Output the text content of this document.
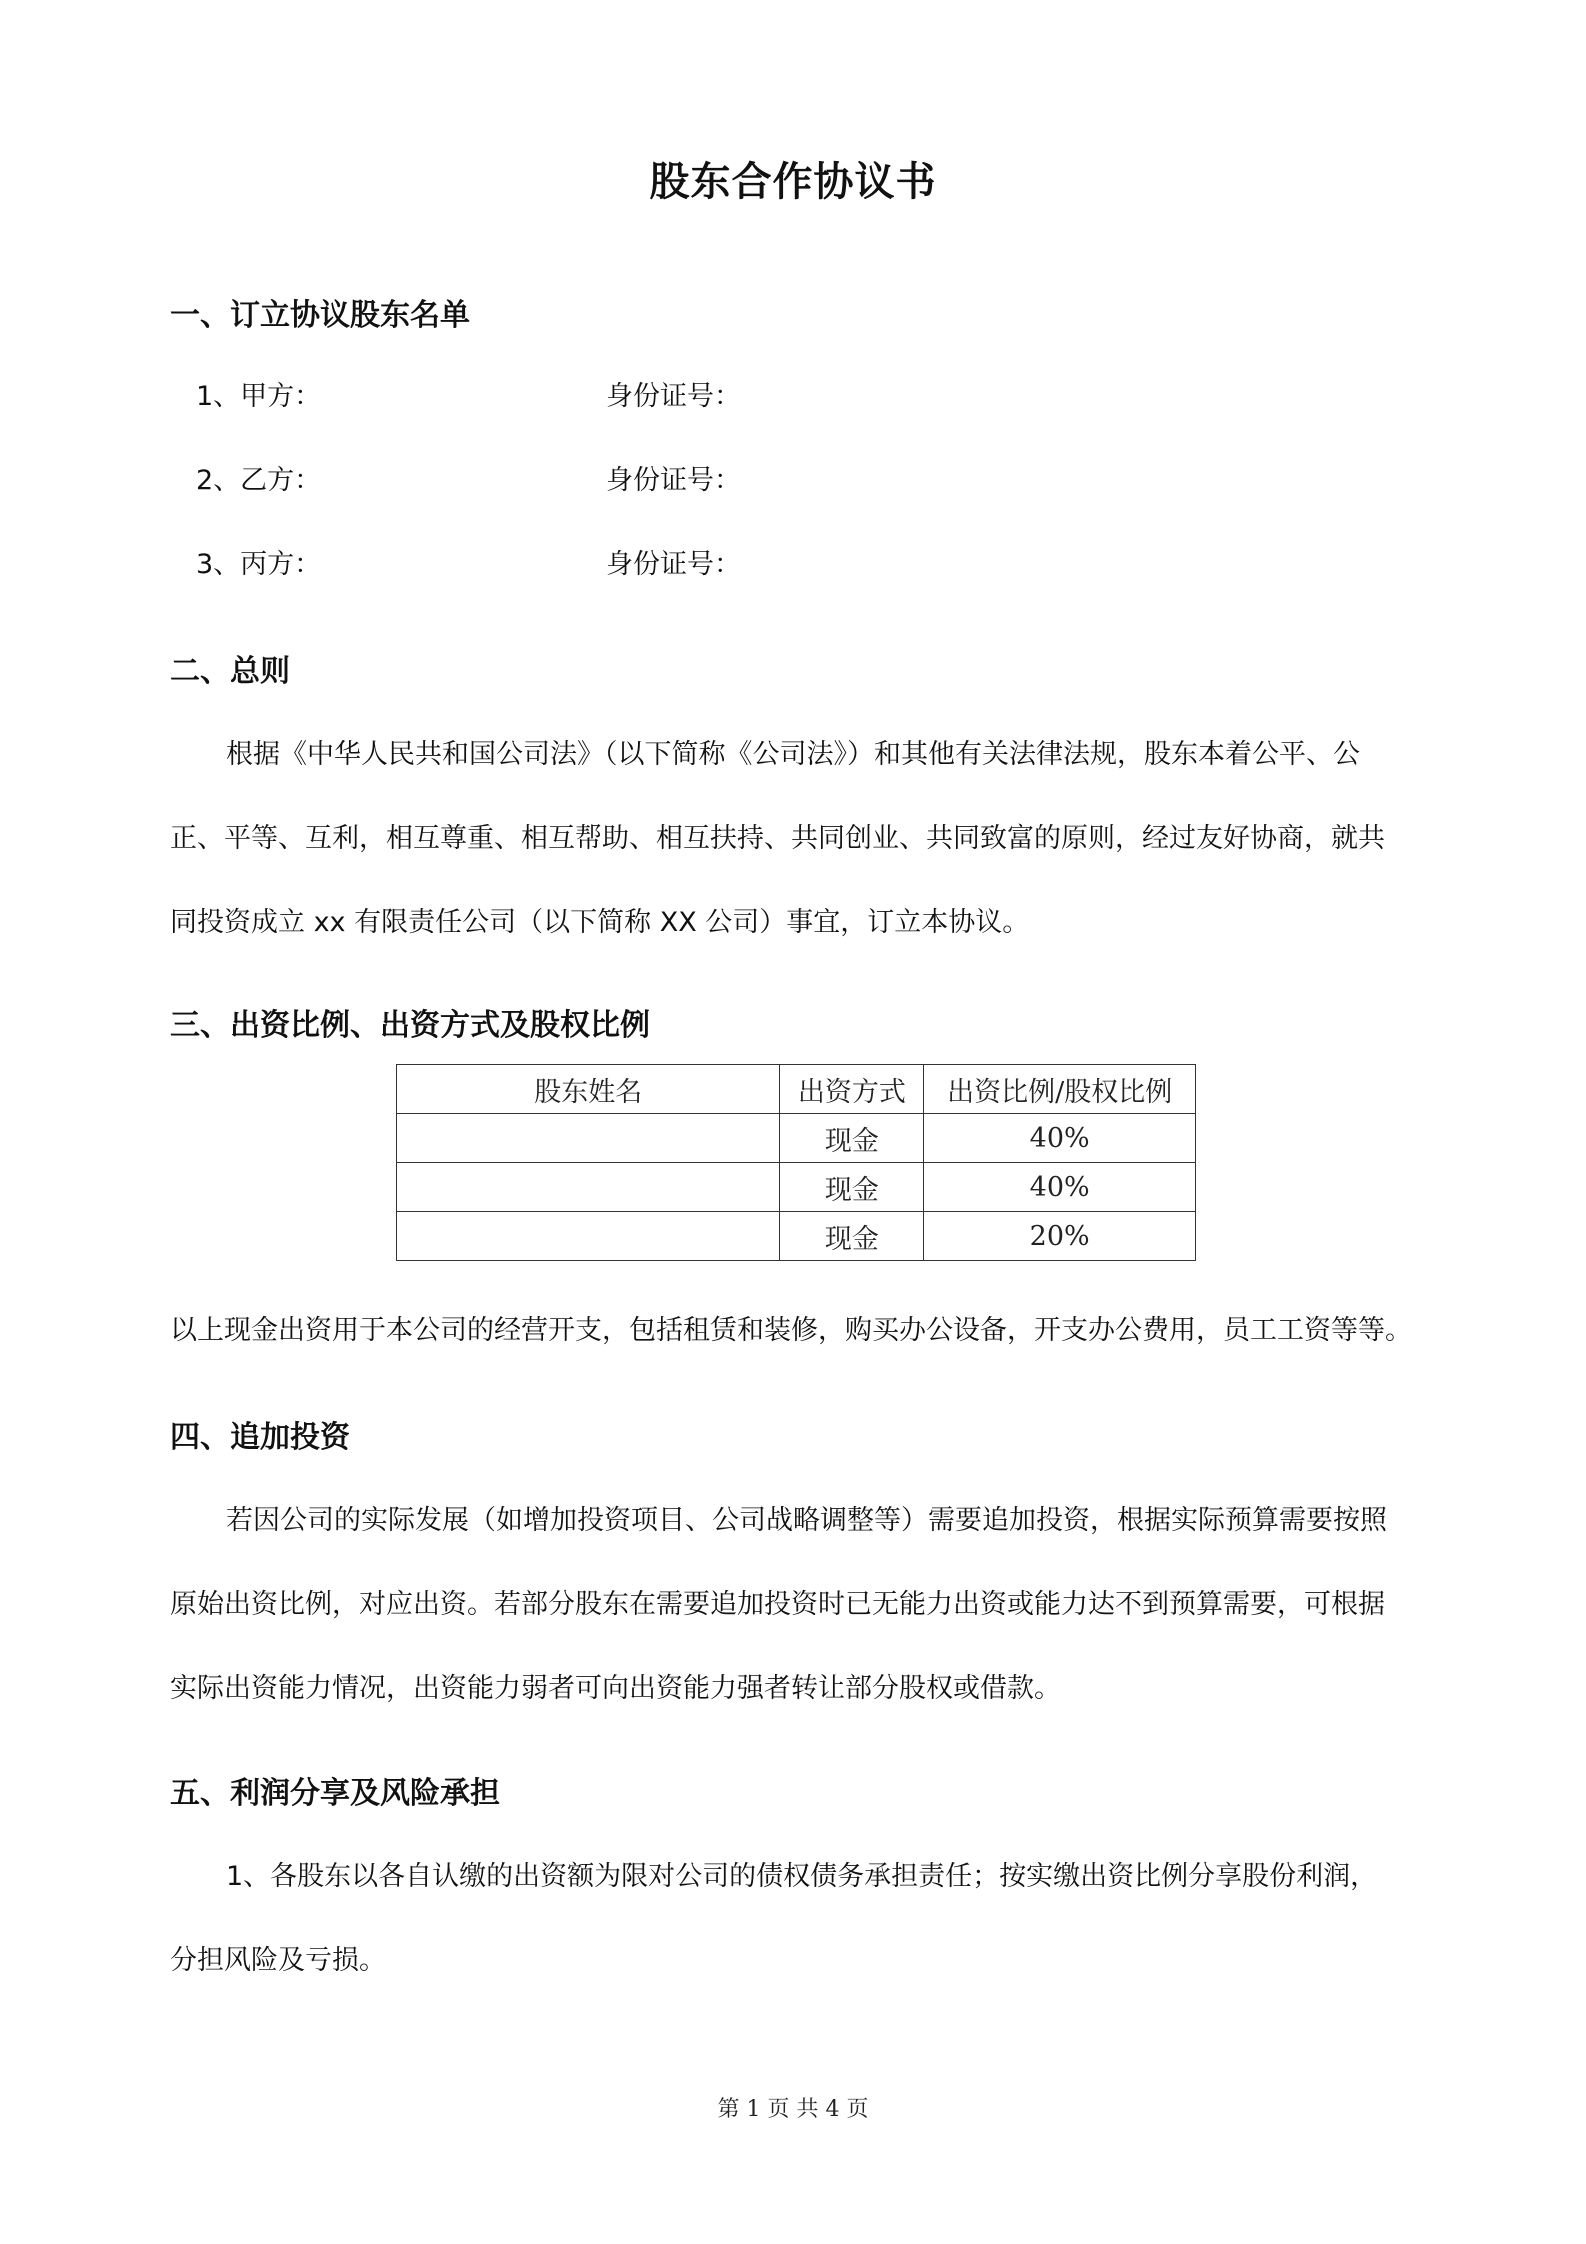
股东合作协议书
一、订立协议股东名单
1、甲方：	身份证号：
2、乙方：	身份证号：
3、丙方：	身份证号：
二、总则
根据《中华人民共和国公司法》（以下简称《公司法》）和其他有关法律法规，股东本着公平、公
正、平等、互利，相互尊重、相互帮助、相互扶持、共同创业、共同致富的原则，经过友好协商，就共
同投资成立 xx 有限责任公司（以下简称 XX 公司）事宜，订立本协议。
三、出资比例、出资方式及股权比例
股东姓名	出资方式	出资比例/股权比例
	现金	40%
	现金	40%
	现金	20%
以上现金出资用于本公司的经营开支，包括租赁和装修，购买办公设备，开支办公费用，员工工资等等。
四、追加投资
若因公司的实际发展（如增加投资项目、公司战略调整等）需要追加投资，根据实际预算需要按照
原始出资比例，对应出资。若部分股东在需要追加投资时已无能力出资或能力达不到预算需要，可根据
实际出资能力情况，出资能力弱者可向出资能力强者转让部分股权或借款。
五、利润分享及风险承担
1、各股东以各自认缴的出资额为限对公司的债权债务承担责任；按实缴出资比例分享股份利润，
分担风险及亏损。
第 1 页 共 4 页
